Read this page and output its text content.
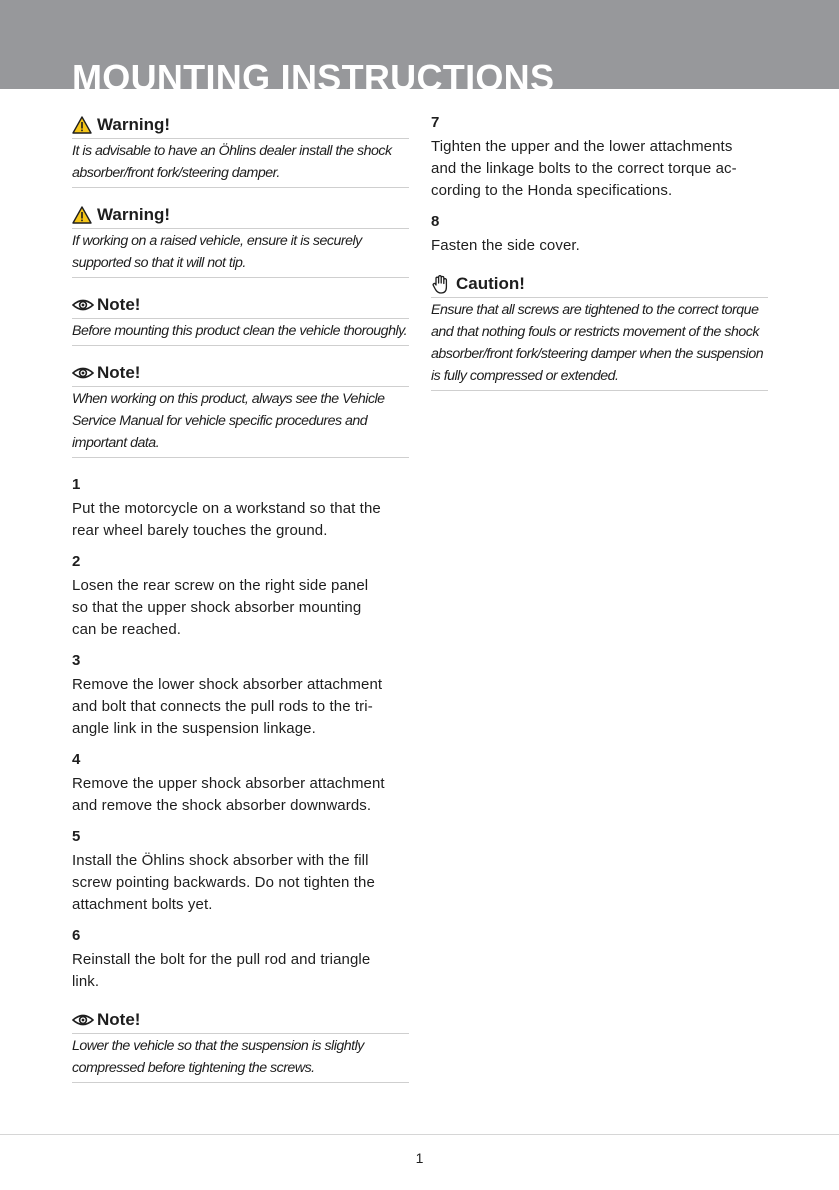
MOUNTING INSTRUCTIONS
Warning!
It is advisable to have an Öhlins dealer install the shock
absorber/front fork/steering damper.
Warning!
If working on a raised vehicle, ensure it is securely
supported so that it will not tip.
Note!
Before mounting this product clean the vehicle thoroughly.
Note!
When working on this product, always see the Vehicle
Service Manual for vehicle specific procedures and
important data.
1
Put the motorcycle on a workstand so that the
rear wheel barely touches the ground.
2
Losen the rear screw on the right side panel
so that the upper shock absorber mounting
can be reached.
3
Remove the lower shock absorber attachment
and bolt that connects the pull rods to the tri-
angle link in the suspension linkage.
4
Remove the upper shock absorber attachment
and remove the shock absorber downwards.
5
Install the Öhlins shock absorber with the fill
screw pointing backwards. Do not tighten the
attachment bolts yet.
6
Reinstall the bolt for the pull rod and triangle
link.
Note!
Lower the vehicle so that the suspension is slightly
compressed before tightening the screws.
7
Tighten the upper and the lower attachments
and the linkage bolts to the correct torque ac-
cording to the Honda specifications.
8
Fasten the side cover.
Caution!
Ensure that all screws are tightened to the correct torque
and that nothing fouls or restricts movement of the shock
absorber/front fork/steering damper when the suspension
is fully compressed or extended.
1
